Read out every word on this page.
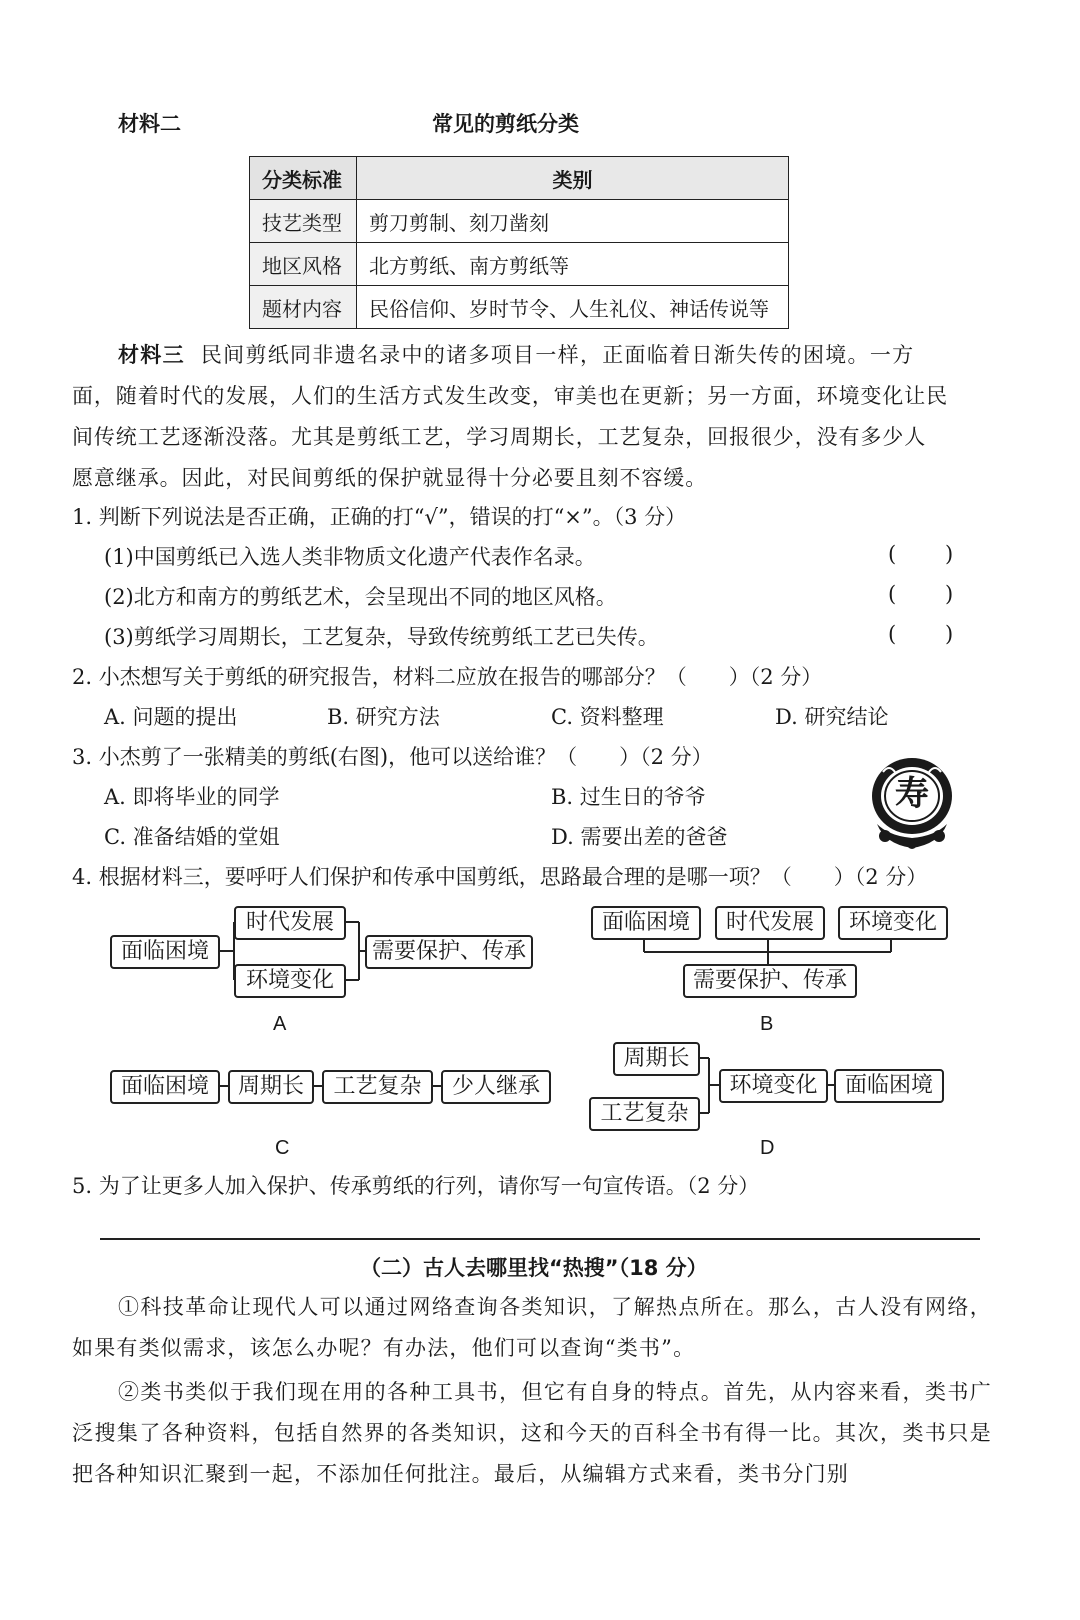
材料二	常见的剪纸分类
分类标准	类别
技艺类型	剪刀剪制、刻刀凿刻
地区风格	北方剪纸、南方剪纸等
题材内容	民俗信仰、岁时节令、人生礼仪、神话传说等
材料三 民间剪纸同非遗名录中的诸多项目一样，正面临着日渐失传的困境。一方
面，随着时代的发展，人们的生活方式发生改变，审美也在更新；另一方面，环境变化让民
间传统工艺逐渐没落。尤其是剪纸工艺，学习周期长，工艺复杂，回报很少，没有多少人
愿意继承。因此，对民间剪纸的保护就显得十分必要且刻不容缓。
1. 判断下列说法是否正确，正确的打“√”，错误的打“×”。（3 分）
(1)中国剪纸已入选人类非物质文化遗产代表作名录。
(2)北方和南方的剪纸艺术，会呈现出不同的地区风格。
(3)剪纸学习周期长，工艺复杂，导致传统剪纸工艺已失传。
( )
( )
( )
2. 小杰想写关于剪纸的研究报告，材料二应放在报告的哪部分？（　　）（2 分）
A. 问题的提出	B. 研究方法	C. 资料整理	D. 研究结论
3. 小杰剪了一张精美的剪纸(右图)，他可以送给谁？（　　）（2 分）
A. 即将毕业的同学	B. 过生日的爷爷
C. 准备结婚的堂姐	D. 需要出差的爸爸
寿
4. 根据材料三，要呼吁人们保护和传承中国剪纸，思路最合理的是哪一项？（　　）（2 分）
面临困境
时代发展
环境变化
需要保护、传承
A
面临困境	时代发展	环境变化
需要保护、传承
B
面临困境	周期长	工艺复杂	少人继承
C
周期长
工艺复杂
环境变化	面临困境
D
5. 为了让更多人加入保护、传承剪纸的行列，请你写一句宣传语。（2 分）
（二）古人去哪里找“热搜”（18 分）

①科技革命让现代人可以通过网络查询各类知识，了解热点所在。那么，古人没有网络，如果有类似需求，该怎么办呢？有办法，他们可以查询“类书”。

②类书类似于我们现在用的各种工具书，但它有自身的特点。首先，从内容来看，类书广泛搜集了各种资料，包括自然界的各类知识，这和今天的百科全书有得一比。其次，类书只是把各种知识汇聚到一起，不添加任何批注。最后，从编辑方式来看，类书分门别
